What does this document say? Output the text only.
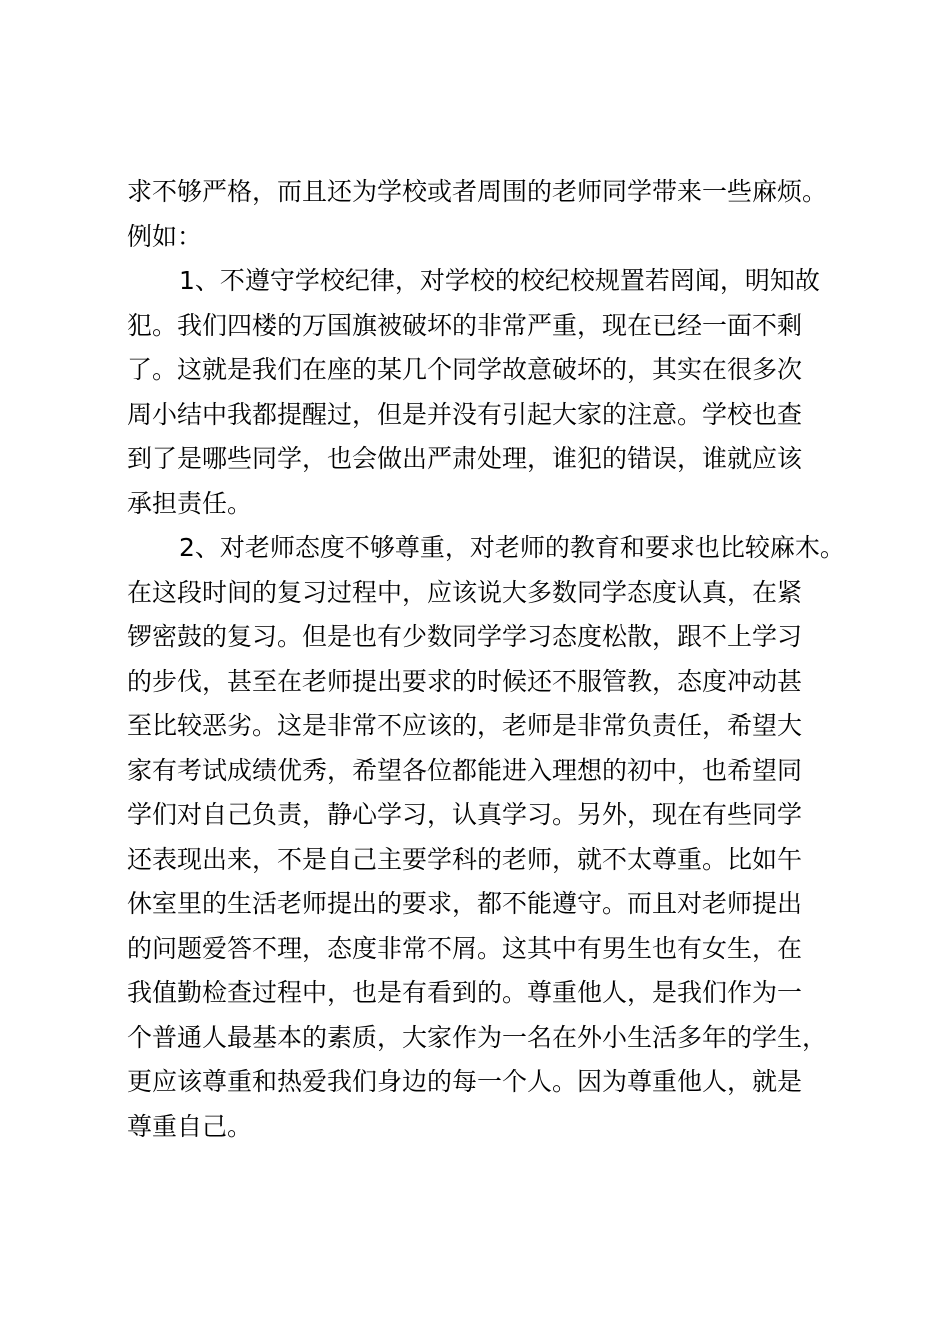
求不够严格，而且还为学校或者周围的老师同学带来一些麻烦。
例如：
1、不遵守学校纪律，对学校的校纪校规置若罔闻，明知故
犯。我们四楼的万国旗被破坏的非常严重，现在已经一面不剩
了。这就是我们在座的某几个同学故意破坏的，其实在很多次
周小结中我都提醒过，但是并没有引起大家的注意。学校也查
到了是哪些同学，也会做出严肃处理，谁犯的错误，谁就应该
承担责任。
2、对老师态度不够尊重，对老师的教育和要求也比较麻木。
在这段时间的复习过程中，应该说大多数同学态度认真，在紧
锣密鼓的复习。但是也有少数同学学习态度松散，跟不上学习
的步伐，甚至在老师提出要求的时候还不服管教，态度冲动甚
至比较恶劣。这是非常不应该的，老师是非常负责任，希望大
家有考试成绩优秀，希望各位都能进入理想的初中，也希望同
学们对自己负责，静心学习，认真学习。另外，现在有些同学
还表现出来，不是自己主要学科的老师，就不太尊重。比如午
休室里的生活老师提出的要求，都不能遵守。而且对老师提出
的问题爱答不理，态度非常不屑。这其中有男生也有女生，在
我值勤检查过程中，也是有看到的。尊重他人，是我们作为一
个普通人最基本的素质，大家作为一名在外小生活多年的学生，
更应该尊重和热爱我们身边的每一个人。因为尊重他人，就是
尊重自己。
